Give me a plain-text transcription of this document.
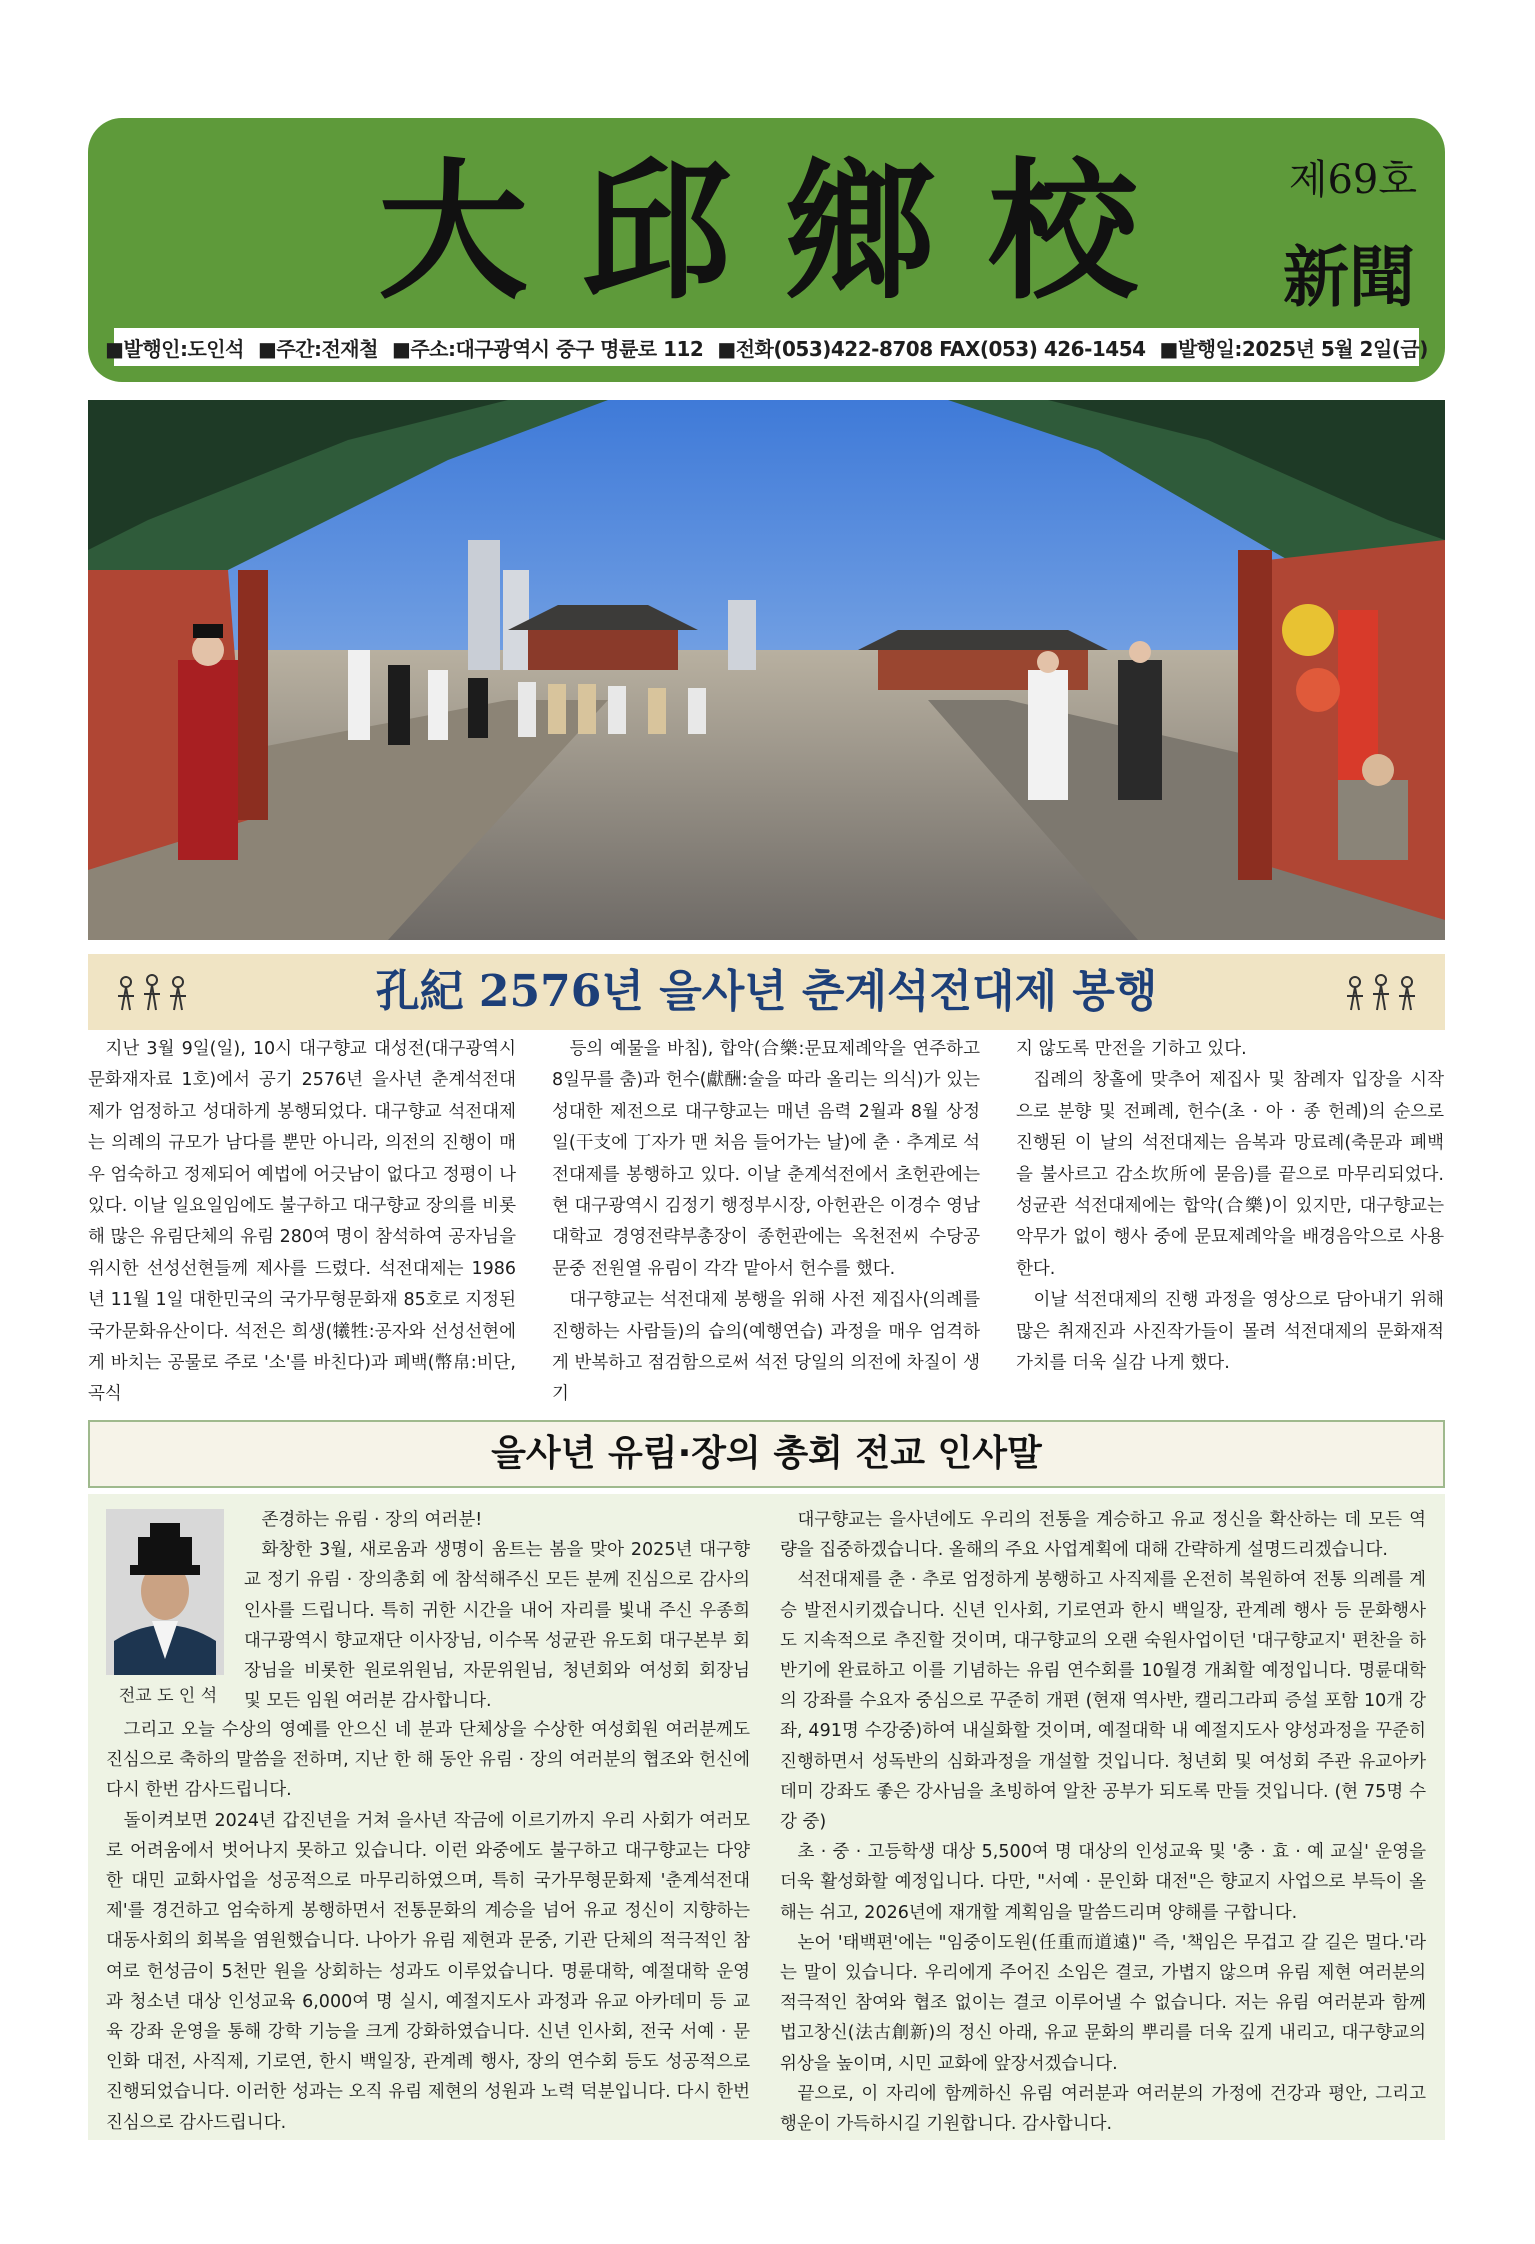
大 邱 鄉 校	제69호
新聞
■발행인:도인석 ■주간:전재철 ■주소:대구광역시 중구 명륜로 112 ■전화(053)422-8708 FAX(053) 426-1454 ■발행일:2025년 5월 2일(금)
孔紀 2576년 을사년 춘계석전대제 봉행

지난 3월 9일(일), 10시 대구향교 대성전(대구광역시 문화재자료 1호)에서 공기 2576년 을사년 춘계석전대제가 엄정하고 성대하게 봉행되었다. 대구향교 석전대제는 의례의 규모가 남다를 뿐만 아니라, 의전의 진행이 매우 엄숙하고 정제되어 예법에 어긋남이 없다고 정평이 나 있다. 이날 일요일임에도 불구하고 대구향교 장의를 비롯해 많은 유림단체의 유림 280여 명이 참석하여 공자님을 위시한 선성선현들께 제사를 드렸다. 석전대제는 1986년 11월 1일 대한민국의 국가무형문화재 85호로 지정된 국가문화유산이다. 석전은 희생(犧牲:공자와 선성선현에게 바치는 공물로 주로 '소'를 바친다)과 폐백(幣帛:비단, 곡식

등의 예물을 바침), 합악(合樂:문묘제례악을 연주하고 8일무를 춤)과 헌수(獻酬:술을 따라 올리는 의식)가 있는 성대한 제전으로 대구향교는 매년 음력 2월과 8월 상정일(干支에 丁자가 맨 처음 들어가는 날)에 춘 · 추계로 석전대제를 봉행하고 있다. 이날 춘계석전에서 초헌관에는 현 대구광역시 김정기 행정부시장, 아헌관은 이경수 영남대학교 경영전략부총장이 종헌관에는 옥천전씨 수당공 문중 전원열 유림이 각각 맡아서 헌수를 했다.

대구향교는 석전대제 봉행을 위해 사전 제집사(의례를 진행하는 사람들)의 습의(예행연습) 과정을 매우 엄격하게 반복하고 점검함으로써 석전 당일의 의전에 차질이 생기

지 않도록 만전을 기하고 있다.

집례의 창홀에 맞추어 제집사 및 참례자 입장을 시작으로 분향 및 전폐례, 헌수(초 · 아 · 종 헌례)의 순으로 진행된 이 날의 석전대제는 음복과 망료례(축문과 폐백을 불사르고 감소坎所에 묻음)를 끝으로 마무리되었다. 성균관 석전대제에는 합악(合樂)이 있지만, 대구향교는 악무가 없이 행사 중에 문묘제례악을 배경음악으로 사용한다.

이날 석전대제의 진행 과정을 영상으로 담아내기 위해 많은 취재진과 사진작가들이 몰려 석전대제의 문화재적 가치를 더욱 실감 나게 했다.

을사년 유림·장의 총회 전교 인사말
전교 도 인 석

존경하는 유림 · 장의 여러분!

화창한 3월, 새로움과 생명이 움트는 봄을 맞아 2025년 대구향교 정기 유림 · 장의총회 에 참석해주신 모든 분께 진심으로 감사의 인사를 드립니다. 특히 귀한 시간을 내어 자리를 빛내 주신 우종희 대구광역시 향교재단 이사장님, 이수목 성균관 유도회 대구본부 회장님을 비롯한 원로위원님, 자문위원님, 청년회와 여성회 회장님 및 모든 임원 여러분 감사합니다.

그리고 오늘 수상의 영예를 안으신 네 분과 단체상을 수상한 여성회원 여러분께도 진심으로 축하의 말씀을 전하며, 지난 한 해 동안 유림 · 장의 여러분의 협조와 헌신에 다시 한번 감사드립니다.

돌이켜보면 2024년 갑진년을 거쳐 을사년 작금에 이르기까지 우리 사회가 여러모로 어려움에서 벗어나지 못하고 있습니다. 이런 와중에도 불구하고 대구향교는 다양한 대민 교화사업을 성공적으로 마무리하였으며, 특히 국가무형문화제 '춘계석전대제'를 경건하고 엄숙하게 봉행하면서 전통문화의 계승을 넘어 유교 정신이 지향하는 대동사회의 회복을 염원했습니다. 나아가 유림 제현과 문중, 기관 단체의 적극적인 참여로 헌성금이 5천만 원을 상회하는 성과도 이루었습니다. 명륜대학, 예절대학 운영과 청소년 대상 인성교육 6,000여 명 실시, 예절지도사 과정과 유교 아카데미 등 교육 강좌 운영을 통해 강학 기능을 크게 강화하였습니다. 신년 인사회, 전국 서예 · 문인화 대전, 사직제, 기로연, 한시 백일장, 관계례 행사, 장의 연수회 등도 성공적으로 진행되었습니다. 이러한 성과는 오직 유림 제현의 성원과 노력 덕분입니다. 다시 한번 진심으로 감사드립니다.

대구향교는 을사년에도 우리의 전통을 계승하고 유교 정신을 확산하는 데 모든 역량을 집중하겠습니다. 올해의 주요 사업계획에 대해 간략하게 설명드리겠습니다.

석전대제를 춘 · 추로 엄정하게 봉행하고 사직제를 온전히 복원하여 전통 의례를 계승 발전시키겠습니다. 신년 인사회, 기로연과 한시 백일장, 관계례 행사 등 문화행사도 지속적으로 추진할 것이며, 대구향교의 오랜 숙원사업이던 '대구향교지' 편찬을 하반기에 완료하고 이를 기념하는 유림 연수회를 10월경 개최할 예정입니다. 명륜대학의 강좌를 수요자 중심으로 꾸준히 개편 (현재 역사반, 캘리그라피 증설 포함 10개 강좌, 491명 수강중)하여 내실화할 것이며, 예절대학 내 예절지도사 양성과정을 꾸준히 진행하면서 성독반의 심화과정을 개설할 것입니다. 청년회 및 여성회 주관 유교아카데미 강좌도 좋은 강사님을 초빙하여 알찬 공부가 되도록 만들 것입니다. (현 75명 수강 중)

초 · 중 · 고등학생 대상 5,500여 명 대상의 인성교육 및 '충 · 효 · 예 교실' 운영을 더욱 활성화할 예정입니다. 다만, "서예 · 문인화 대전"은 향교지 사업으로 부득이 올해는 쉬고, 2026년에 재개할 계획임을 말씀드리며 양해를 구합니다.

논어 '태백편'에는 "임중이도원(任重而道遠)" 즉, '책임은 무겁고 갈 길은 멀다.'라는 말이 있습니다. 우리에게 주어진 소임은 결코, 가볍지 않으며 유림 제현 여러분의 적극적인 참여와 협조 없이는 결코 이루어낼 수 없습니다. 저는 유림 여러분과 함께 법고창신(法古創新)의 정신 아래, 유교 문화의 뿌리를 더욱 깊게 내리고, 대구향교의 위상을 높이며, 시민 교화에 앞장서겠습니다.

끝으로, 이 자리에 함께하신 유림 여러분과 여러분의 가정에 건강과 평안, 그리고 행운이 가득하시길 기원합니다. 감사합니다.
